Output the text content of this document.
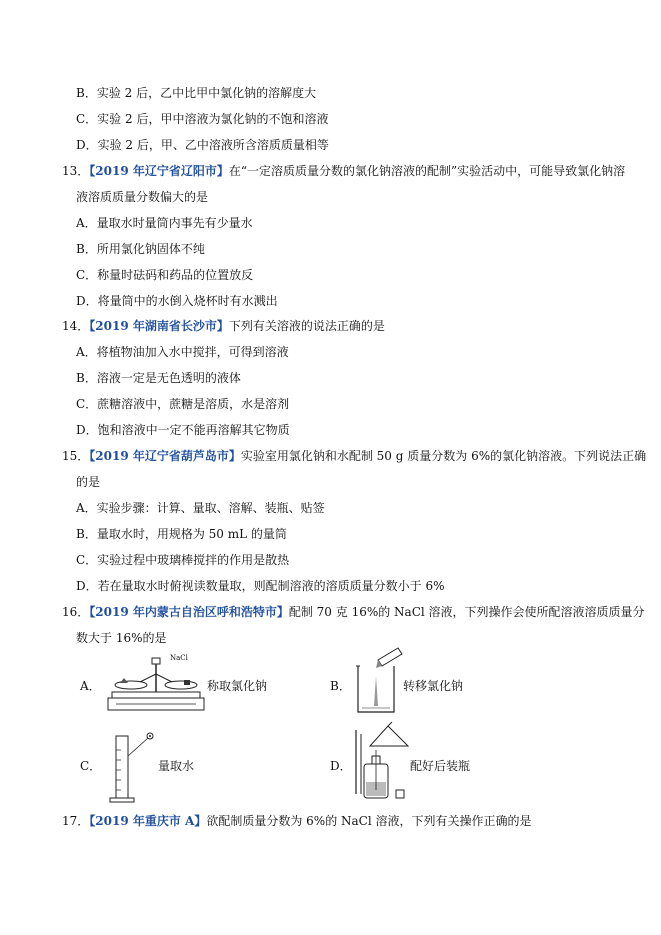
B．实验 2 后，乙中比甲中氯化钠的溶解度大
C．实验 2 后，甲中溶液为氯化钠的不饱和溶液
D．实验 2 后，甲、乙中溶液所含溶质质量相等
13．【2019 年辽宁省辽阳市】在“一定溶质质量分数的氯化钠溶液的配制”实验活动中，可能导致氯化钠溶
液溶质质量分数偏大的是
A．量取水时量筒内事先有少量水
B．所用氯化钠固体不纯
C．称量时砝码和药品的位置放反
D．将量筒中的水倒入烧杯时有水溅出
14．【2019 年湖南省长沙市】下列有关溶液的说法正确的是
A．将植物油加入水中搅拌，可得到溶液
B．溶液一定是无色透明的液体
C．蔗糖溶液中，蔗糖是溶质，水是溶剂
D．饱和溶液中一定不能再溶解其它物质
15．【2019 年辽宁省葫芦岛市】实验室用氯化钠和水配制 50 g 质量分数为 6%的氯化钠溶液。下列说法正确
的是
A．实验步骤：计算、量取、溶解、装瓶、贴签
B．量取水时，用规格为 50 mL 的量筒
C．实验过程中玻璃棒搅拌的作用是散热
D．若在量取水时俯视读数量取，则配制溶液的溶质质量分数小于 6%
16．【2019 年内蒙古自治区呼和浩特市】配制 70 克 16%的 NaCl 溶液，下列操作会使所配溶液溶质质量分
数大于 16%的是
A．
NaCl
称取氯化钠	B．	转移氯化钠
C．	量取水	D．	配好后装瓶
17．【2019 年重庆市 A】欲配制质量分数为 6%的 NaCl 溶液，下列有关操作正确的是
